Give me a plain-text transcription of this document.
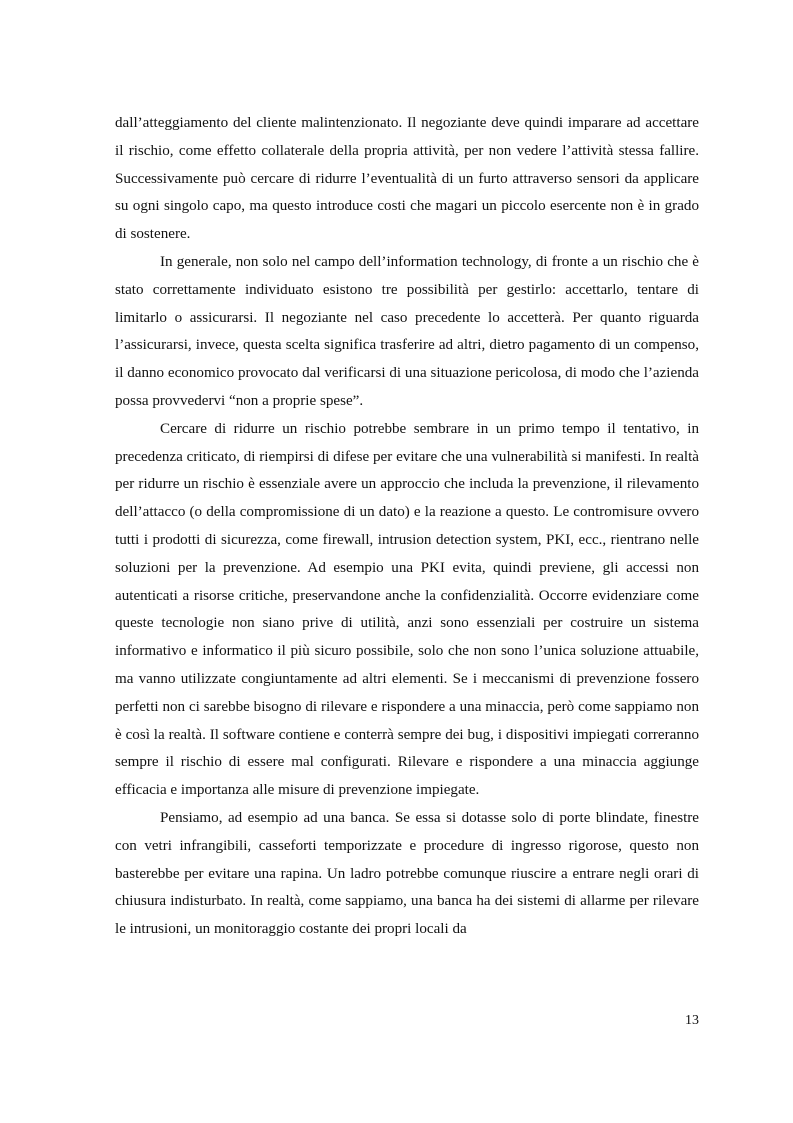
dall’atteggiamento del cliente malintenzionato. Il negoziante deve quindi imparare ad accettare il rischio, come effetto collaterale della propria attività, per non vedere l’attività stessa fallire. Successivamente può cercare di ridurre l’eventualità di un furto attraverso sensori da applicare su ogni singolo capo, ma questo introduce costi che magari un piccolo esercente non è in grado di sostenere.

In generale, non solo nel campo dell’information technology, di fronte a un rischio che è stato correttamente individuato esistono tre possibilità per gestirlo: accettarlo, tentare di limitarlo o assicurarsi. Il negoziante nel caso precedente lo accetterà. Per quanto riguarda l’assicurarsi, invece, questa scelta significa trasferire ad altri, dietro pagamento di un compenso, il danno economico provocato dal verificarsi di una situazione pericolosa, di modo che l’azienda possa provvedervi “non a proprie spese”.

Cercare di ridurre un rischio potrebbe sembrare in un primo tempo il tentativo, in precedenza criticato, di riempirsi di difese per evitare che una vulnerabilità si manifesti. In realtà per ridurre un rischio è essenziale avere un approccio che includa la prevenzione, il rilevamento dell’attacco (o della compromissione di un dato) e la reazione a questo. Le contromisure ovvero tutti i prodotti di sicurezza, come firewall, intrusion detection system, PKI, ecc., rientrano nelle soluzioni per la prevenzione. Ad esempio una PKI evita, quindi previene, gli accessi non autenticati a risorse critiche, preservandone anche la confidenzialità. Occorre evidenziare come queste tecnologie non siano prive di utilità, anzi sono essenziali per costruire un sistema informativo e informatico il più sicuro possibile, solo che non sono l’unica soluzione attuabile, ma vanno utilizzate congiuntamente ad altri elementi. Se i meccanismi di prevenzione fossero perfetti non ci sarebbe bisogno di rilevare e rispondere a una minaccia, però come sappiamo non è così la realtà. Il software contiene e conterrà sempre dei bug, i dispositivi impiegati correranno sempre il rischio di essere mal configurati. Rilevare e rispondere a una minaccia aggiunge efficacia e importanza alle misure di prevenzione impiegate.

Pensiamo, ad esempio ad una banca. Se essa si dotasse solo di porte blindate, finestre con vetri infrangibili, casseforti temporizzate e procedure di ingresso rigorose, questo non basterebbe per evitare una rapina. Un ladro potrebbe comunque riuscire a entrare negli orari di chiusura indisturbato. In realtà, come sappiamo, una banca ha dei sistemi di allarme per rilevare le intrusioni, un monitoraggio costante dei propri locali da

13
